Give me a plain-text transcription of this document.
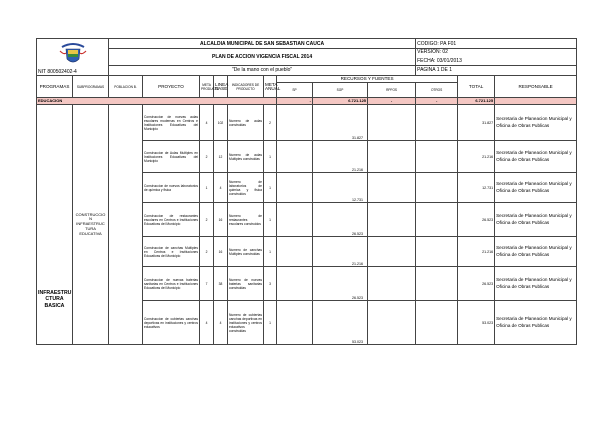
NIT 800502402-4		ALCALDIA MUNICIPAL DE SAN SEBASTIAN CAUCA									CODIGO: PA F01		
		PLAN DE ACCION VIGENCIA FISCAL 2014									VERSION: 02
FECHA: 03/01/2013		

		"De la mano con el pueblo"									PAGINA 1 DE 1		
PROGRAMAS	SUBPROGRAMAS	POBLACION B.	PROYECTO	META PRODUCTO	LINEA BASE	INDICADORES DE PRODUCTO	META ANUAL	RECURSOS Y FUENTES				TOTAL	RESPONSABLE
								SP	SGP	RPFOS	OTROS		
EDUCACION								-	6.721.125	-	-	6.721.125	
INFRAESTRU
CTURA
BASICA	CONSTRUCCIO
N
INFRAESTRUC
TURA
EDUCATIVA		Construccion de nuevas aulas escolares modernas en Centros e Instituciones Educativas del Municipio	4	102	Numero de aulas construidas	2		31.827			31.827	Secretaria de Planeacion Municipal y Oficina de Obras Publicas
			Construccion de Aulas Multiples en Instituciones Educativas del Municipio	2	12	Numero de aulas Multiples construidas	1		21.216			21.216	Secretaria de Planeacion Municipal y Oficina de Obras Publicas
			Construccion de nuevos laboratorios de quimica y fisica	1	4	Numero de laboratorios de quimica y fisica construidos	1		12.731			12.731	Secretaria de Planeacion Municipal y Oficina de Obras Publicas
			Construccion de restaurantes escolares en Centros e Instituciones Educativas del Municipio	2	16	Numero de restaurantes escolares construidos	1		26.523			26.523	Secretaria de Planeacion Municipal y Oficina de Obras Publicas
			Construccion de canchas Multiples en Centros e Instituciones Educativas del Municipio	2	16	Numero de canchas Multiples construidas	1		21.216			21.216	Secretaria de Planeacion Municipal y Oficina de Obras Publicas
			Construccion de nuevas baterias sanitarias en Centros e Instituciones Educativas del Municipio	7	38	Numero de nuevas baterias sanitarias construidas	3		26.523			26.523	Secretaria de Planeacion Municipal y Oficina de Obras Publicas
			Construccion de cubiertas canchas deportivas en instituciones y centros educativos	4	4	Numero de cubiertas canchas deportivas en instituciones y centros educativos construidas	1		53.023			53.023	Secretaria de Planeacion Municipal y Oficina de Obras Publicas
